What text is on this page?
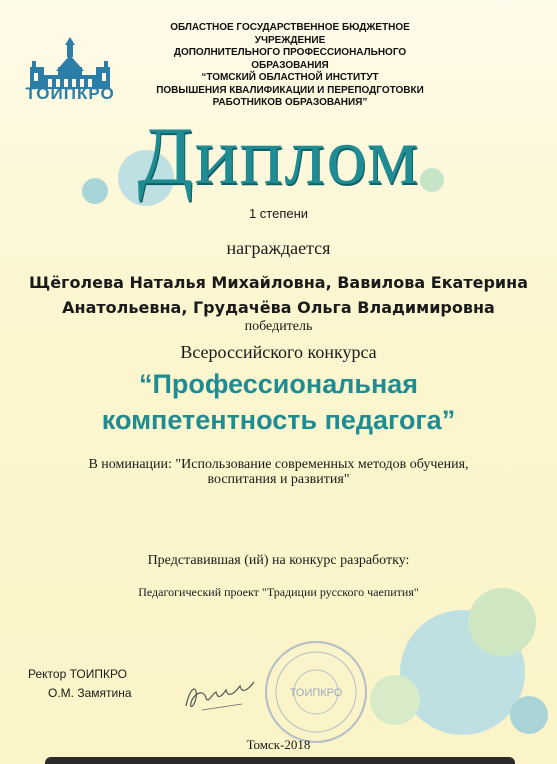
ТОИПКРО
ОБЛАСТНОЕ ГОСУДАРСТВЕННОЕ БЮДЖЕТНОЕ УЧРЕЖДЕНИЕ
ДОПОЛНИТЕЛЬНОГО ПРОФЕССИОНАЛЬНОГО ОБРАЗОВАНИЯ
“ТОМСКИЙ ОБЛАСТНОЙ ИНСТИТУТ
ПОВЫШЕНИЯ КВАЛИФИКАЦИИ И ПЕРЕПОДГОТОВКИ
РАБОТНИКОВ ОБРАЗОВАНИЯ”
Диплом
1 степени
награждается
Щёголева Наталья Михайловна, Вавилова Екатерина
Анатольевна, Грудачёва Ольга Владимировна
победитель
Всероссийского конкурса
“Профессиональная
компетентность педагога”
В номинации: "Использование современных методов обучения,
воспитания и развития"
Представившая (ий) на конкурс разработку:
Педагогический проект "Традиции русского чаепития"
Ректор ТОИПКРО
О.М. Замятина	ТОИПКРО
Томск-2018
